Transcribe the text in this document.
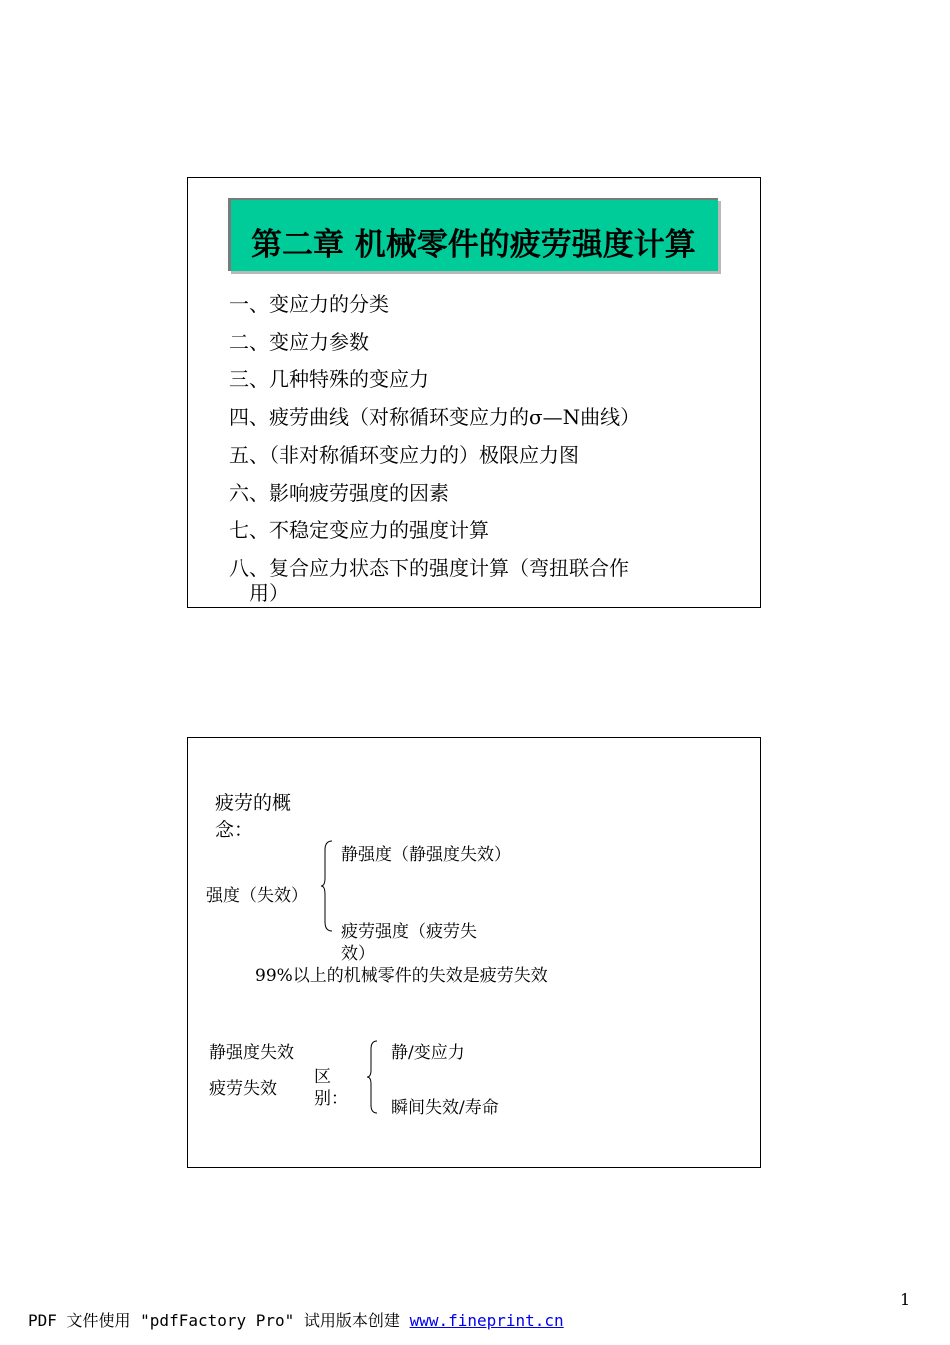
第二章 机械零件的疲劳强度计算
一、变应力的分类
二、变应力参数
三、几种特殊的变应力
四、疲劳曲线（对称循环变应力的σ—N曲线）
五、（非对称循环变应力的）极限应力图
六、影响疲劳强度的因素
七、不稳定变应力的强度计算
八、复合应力状态下的强度计算（弯扭联合作
用）
疲劳的概
念：
强度（失效）
静强度（静强度失效）
疲劳强度（疲劳失
效）
99%以上的机械零件的失效是疲劳失效
静强度失效
疲劳失效
区
别：
静/变应力
瞬间失效/寿命
1
PDF 文件使用 "pdfFactory Pro" 试用版本创建 www.fineprint.cn
